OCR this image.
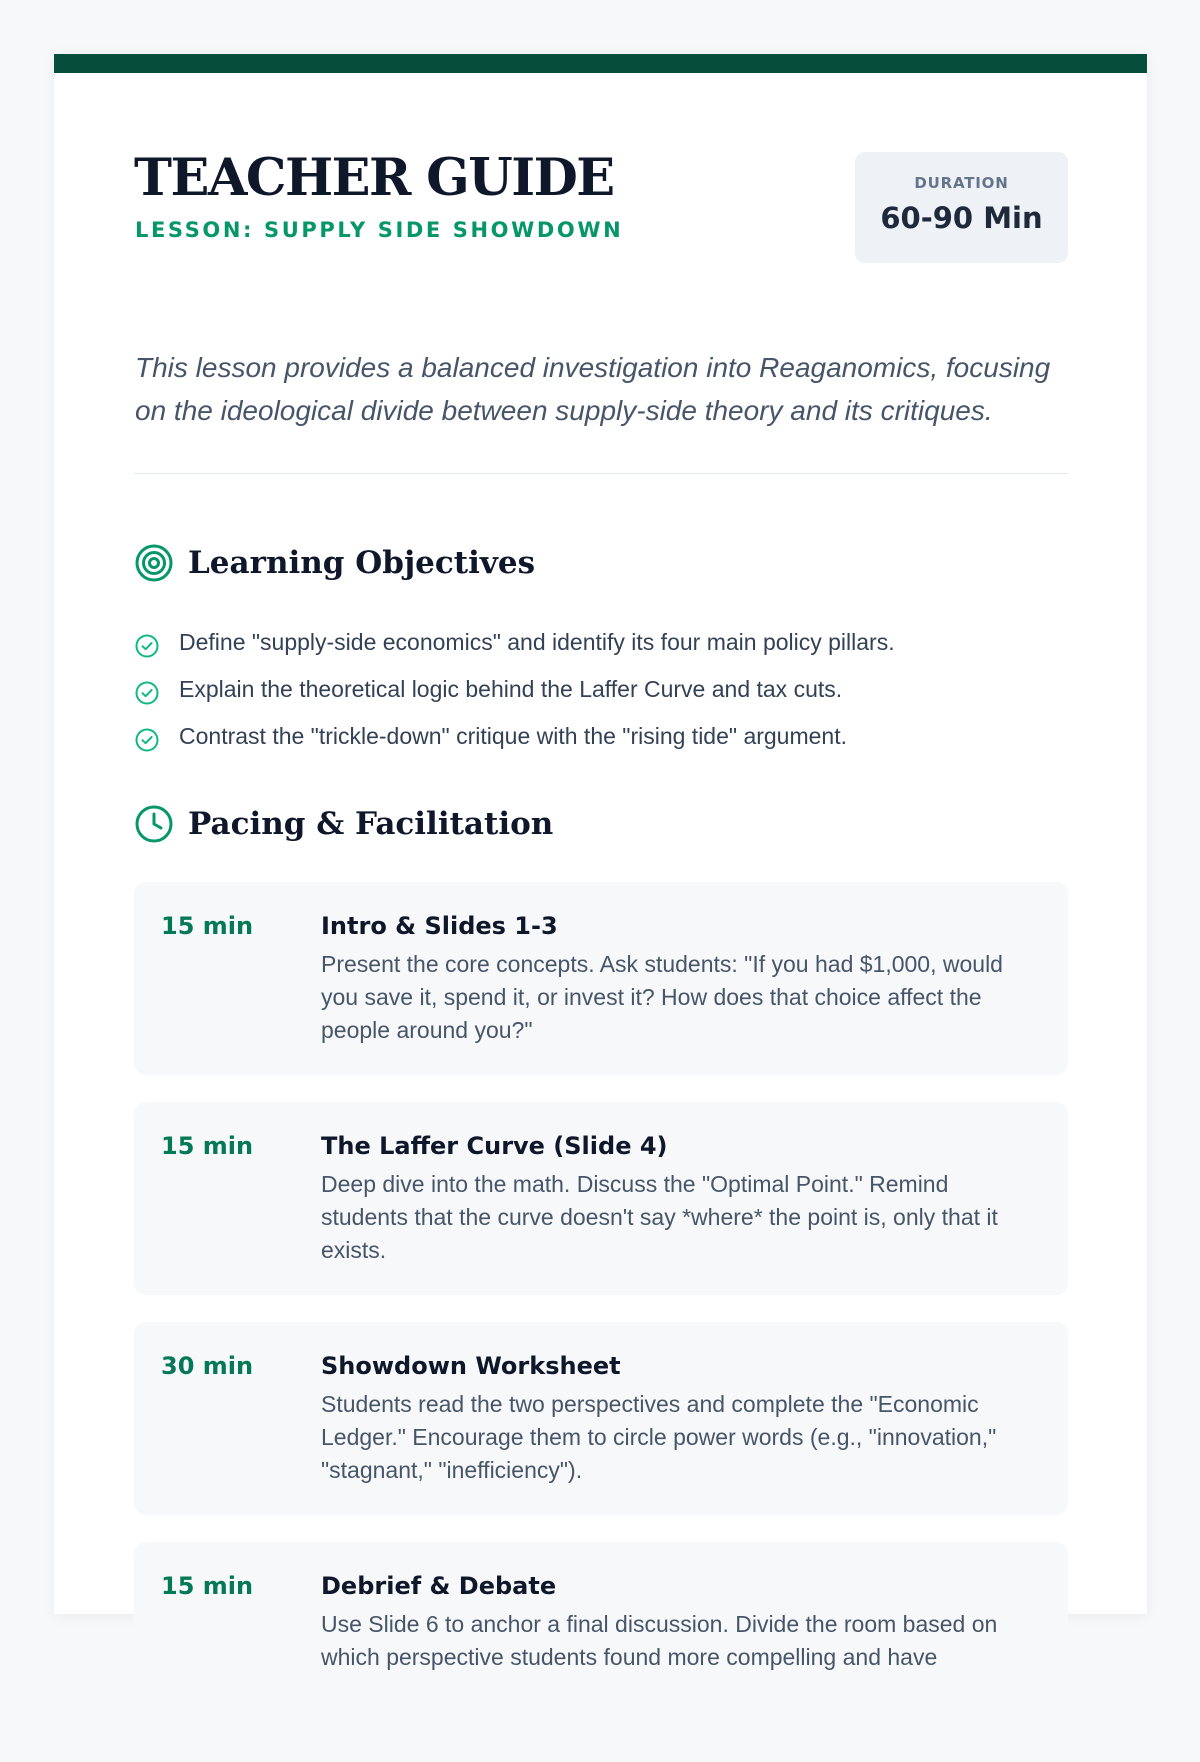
TEACHER GUIDE
LESSON: SUPPLY SIDE SHOWDOWN
DURATION
60-90 Min

This lesson provides a balanced investigation into Reaganomics, focusing on the ideological divide between supply-side theory and its critiques.

Learning Objectives
Define "supply-side economics" and identify its four main policy pillars.
Explain the theoretical logic behind the Laffer Curve and tax cuts.
Contrast the "trickle-down" critique with the "rising tide" argument.
Pacing & Facilitation
15 min	Intro & Slides 1-3

Present the core concepts. Ask students: "If you had $1,000, would you save it, spend it, or invest it? How does that choice affect the people around you?"

15 min	The Laffer Curve (Slide 4)

Deep dive into the math. Discuss the "Optimal Point." Remind students that the curve doesn't say *where* the point is, only that it exists.

30 min	Showdown Worksheet

Students read the two perspectives and complete the "Economic Ledger." Encourage them to circle power words (e.g., "innovation," "stagnant," "inefficiency").

15 min	Debrief & Debate

Use Slide 6 to anchor a final discussion. Divide the room based on which perspective students found more compelling and have
